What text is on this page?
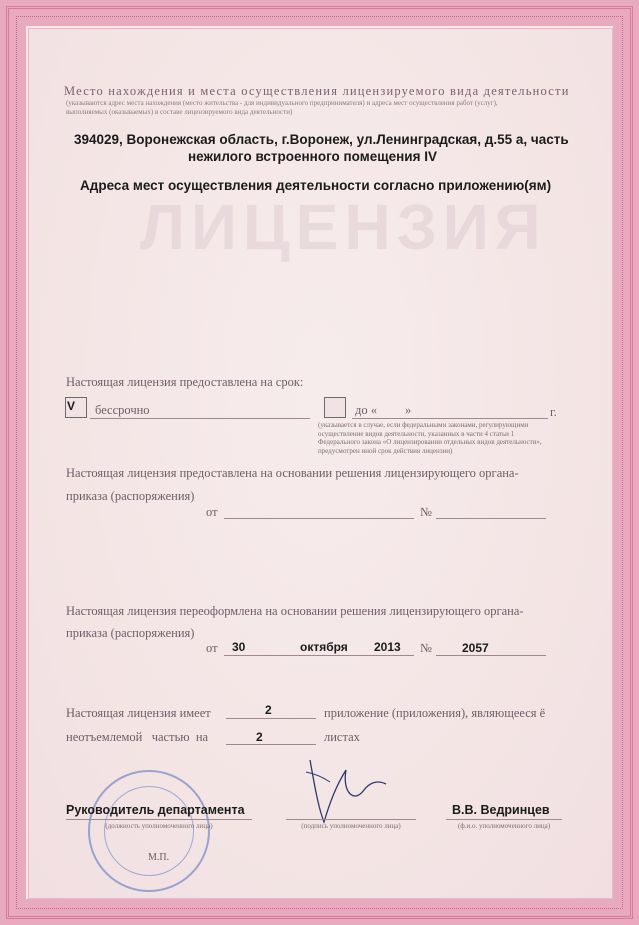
Место нахождения и места осуществления лицензируемого вида деятельности
(указываются адрес места нахождения (место жительства - для индивидуального предпринимателя) и адреса мест осуществления работ (услуг),
выполняемых (оказываемых) в составе лицензируемого вида деятельности)
394029, Воронежская область, г.Воронеж, ул.Ленинградская, д.55 а, часть
нежилого встроенного помещения IV
Адреса мест осуществления деятельности согласно приложению(ям)
ЛИЦЕНЗИЯ
Настоящая лицензия предоставлена на срок:
V бессрочно	до « »	г.
(указывается в случае, если федеральными законами, регулирующими
осуществление видов деятельности, указанных в части 4 статьи 1
Федерального закона «О лицензировании отдельных видов деятельности»,
предусмотрен иной срок действия лицензии)
Настоящая лицензия предоставлена на основании решения лицензирующего органа-
приказа (распоряжения)
от	№
Настоящая лицензия переоформлена на основании решения лицензирующего органа-
приказа (распоряжения)
от 30	октября 2013 №	2057
Настоящая лицензия имеет	2	приложение (приложения), являющееся ё
неотъемлемой   частью  на	2	листах
М.П.
Руководитель департамента
(должность уполномоченного лица)	(подпись уполномоченного лица)
В.В. Ведринцев
(ф.и.о. уполномоченного лица)
